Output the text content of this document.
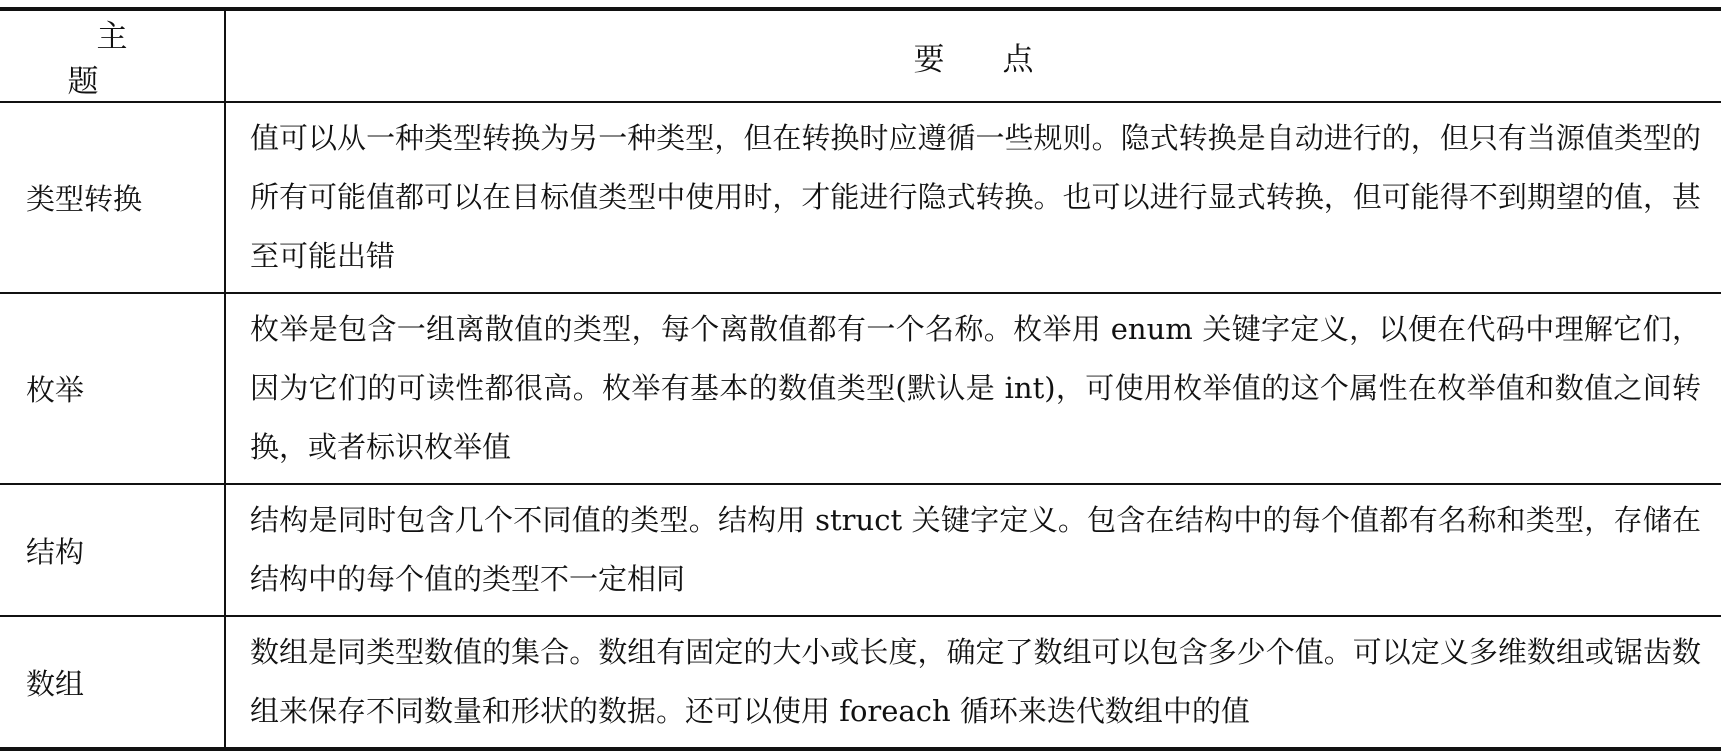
主题	要点
类型转换	值可以从一种类型转换为另一种类型，但在转换时应遵循一些规则。隐式转换是自动进行的，但只有当源值类型的所有可能值都可以在目标值类型中使用时，才能进行隐式转换。也可以进行显式转换，但可能得不到期望的值，甚至可能出错
枚举	枚举是包含一组离散值的类型，每个离散值都有一个名称。枚举用 enum 关键字定义，以便在代码中理解它们，因为它们的可读性都很高。枚举有基本的数值类型(默认是 int)，可使用枚举值的这个属性在枚举值和数值之间转换，或者标识枚举值
结构	结构是同时包含几个不同值的类型。结构用 struct 关键字定义。包含在结构中的每个值都有名称和类型，存储在结构中的每个值的类型不一定相同
数组	数组是同类型数值的集合。数组有固定的大小或长度，确定了数组可以包含多少个值。可以定义多维数组或锯齿数组来保存不同数量和形状的数据。还可以使用 foreach 循环来迭代数组中的值
